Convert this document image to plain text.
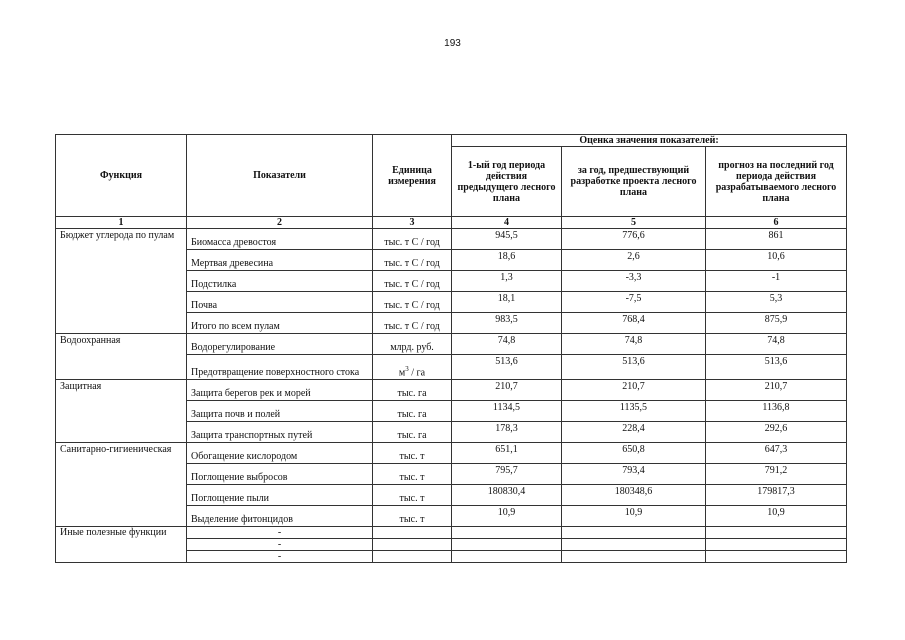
193
Функция	Показатели	Единица измерения	Оценка значения показателей:		
			1-ый год периода действия предыдущего лесного плана	за год, предшествующий разработке проекта лесного плана	прогноз на последний год периода действия разрабатываемого лесного плана
1	2	3	4	5	6
Бюджет углерода по пулам	Биомасса древостоя	тыс. т С / год	945,5	776,6	861
	Мертвая древесина	тыс. т С / год	18,6	2,6	10,6
	Подстилка	тыс. т С / год	1,3	-3,3	-1
	Почва	тыс. т С / год	18,1	-7,5	5,3
	Итого по всем пулам	тыс. т С / год	983,5	768,4	875,9
Водоохранная	Водорегулирование	млрд. руб.	74,8	74,8	74,8
	Предотвращение поверхностного стока	$м^3$ / га	513,6	513,6	513,6
Защитная	Защита берегов рек и морей	тыс. га	210,7	210,7	210,7
	Защита почв и полей	тыс. га	1134,5	1135,5	1136,8
	Защита транспортных путей	тыс. га	178,3	228,4	292,6
Санитарно-гигиеническая	Обогащение кислородом	тыс. т	651,1	650,8	647,3
	Поглощение выбросов	тыс. т	795,7	793,4	791,2
	Поглощение пыли	тыс. т	180830,4	180348,6	179817,3
	Выделение фитонцидов	тыс. т	10,9	10,9	10,9
Иные полезные функции	-				
	-				
	-				
